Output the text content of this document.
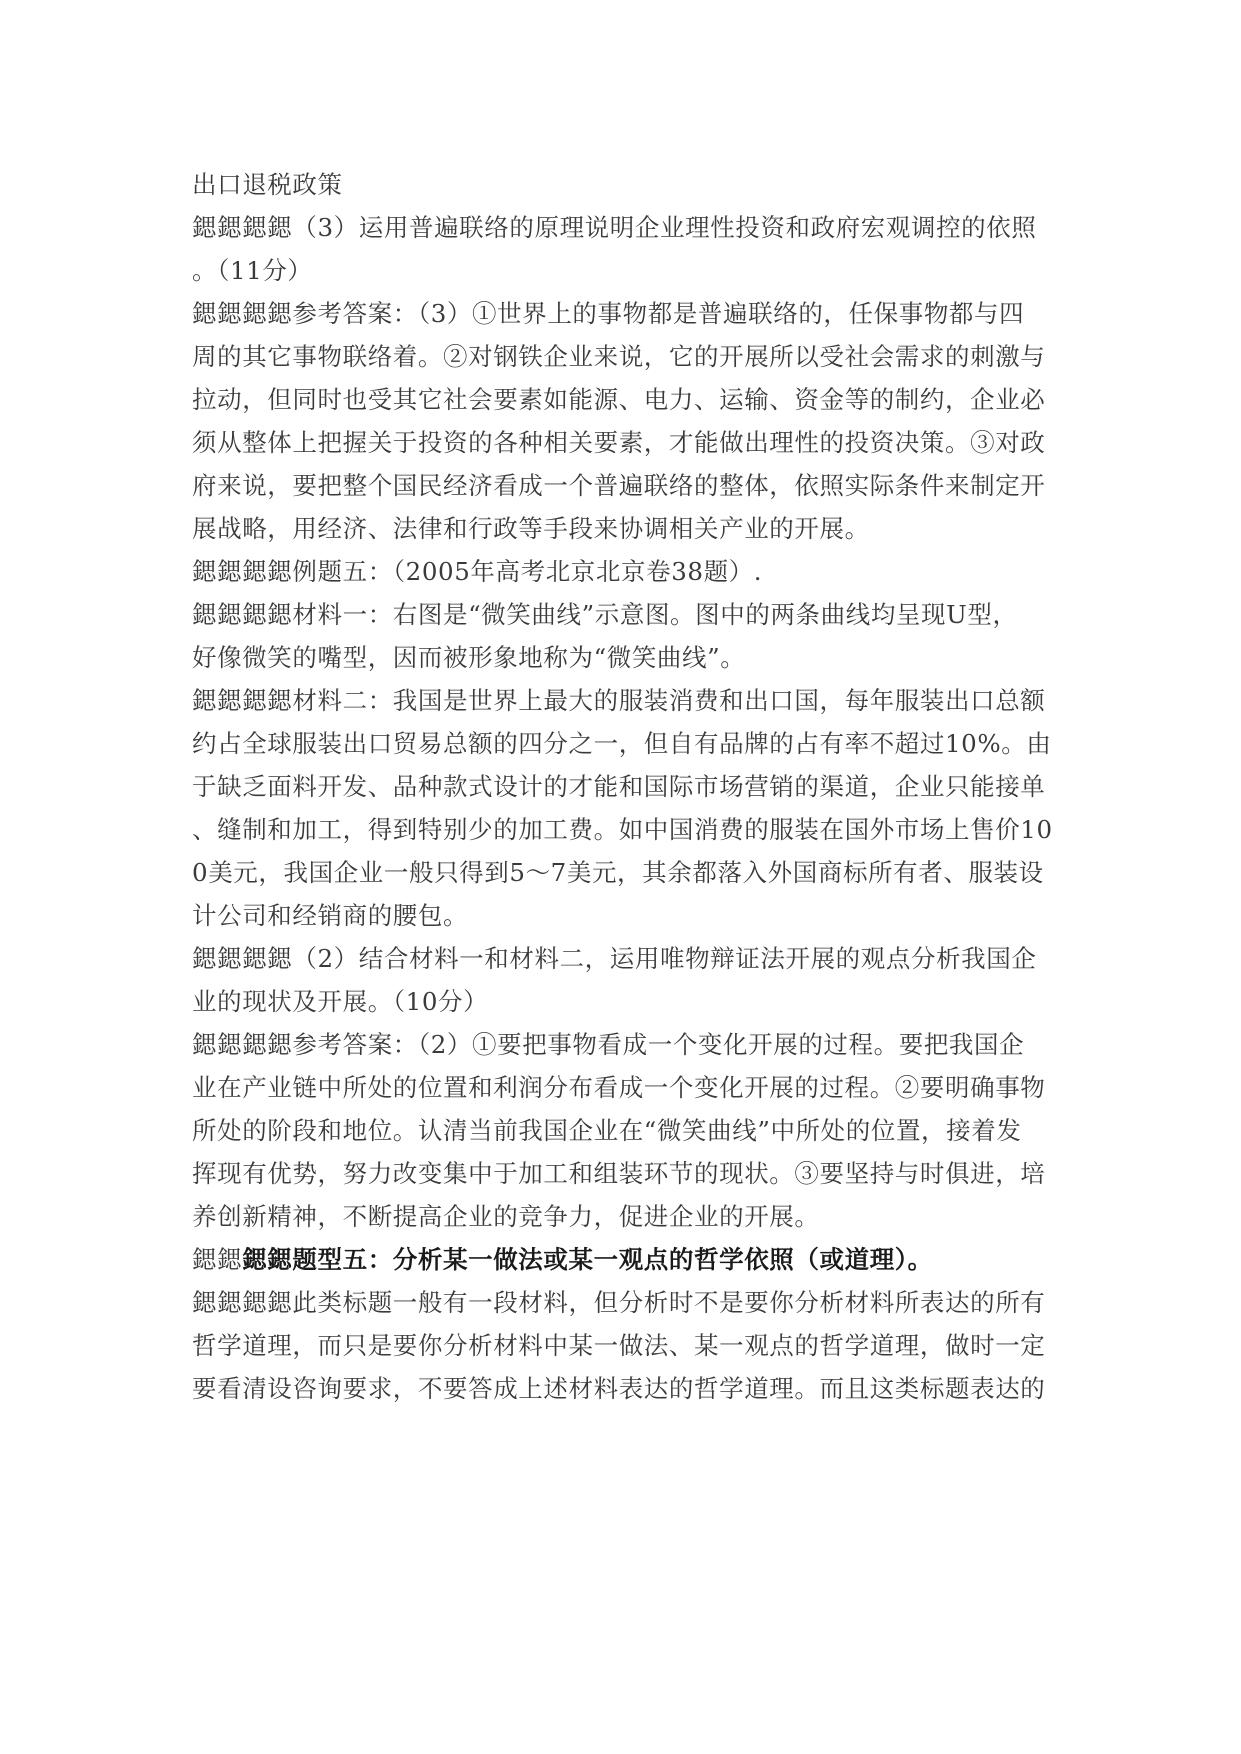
出口退税政策

鍶鍶鍶鍶（3）运用普遍联络的原理说明企业理性投资和政府宏观调控的依照
。（11分）

鍶鍶鍶鍶参考答案：（3）①世界上的事物都是普遍联络的，任保事物都与四
周的其它事物联络着。②对钢铁企业来说，它的开展所以受社会需求的刺激与
拉动，但同时也受其它社会要素如能源、电力、运输、资金等的制约，企业必
须从整体上把握关于投资的各种相关要素，才能做出理性的投资决策。③对政
府来说，要把整个国民经济看成一个普遍联络的整体，依照实际条件来制定开
展战略，用经济、法律和行政等手段来协调相关产业的开展。

鍶鍶鍶鍶例题五：（2005年高考北京北京卷38题）.

鍶鍶鍶鍶材料一：右图是“微笑曲线”示意图。图中的两条曲线均呈现U型，
好像微笑的嘴型，因而被形象地称为“微笑曲线”。

鍶鍶鍶鍶材料二：我国是世界上最大的服装消费和出口国，每年服装出口总额
约占全球服装出口贸易总额的四分之一，但自有品牌的占有率不超过10%。由
于缺乏面料开发、品种款式设计的才能和国际市场营销的渠道，企业只能接单
、缝制和加工，得到特别少的加工费。如中国消费的服装在国外市场上售价10
0美元，我国企业一般只得到5～7美元，其余都落入外国商标所有者、服装设
计公司和经销商的腰包。

鍶鍶鍶鍶（2）结合材料一和材料二，运用唯物辩证法开展的观点分析我国企
业的现状及开展。（10分）

鍶鍶鍶鍶参考答案：（2）①要把事物看成一个变化开展的过程。要把我国企
业在产业链中所处的位置和利润分布看成一个变化开展的过程。②要明确事物
所处的阶段和地位。认清当前我国企业在“微笑曲线”中所处的位置，接着发
挥现有优势，努力改变集中于加工和组装环节的现状。③要坚持与时俱进，培
养创新精神，不断提高企业的竞争力，促进企业的开展。

鍶鍶鍶鍶题型五：分析某一做法或某一观点的哲学依照（或道理）。

鍶鍶鍶鍶此类标题一般有一段材料，但分析时不是要你分析材料所表达的所有
哲学道理，而只是要你分析材料中某一做法、某一观点的哲学道理，做时一定
要看清设咨询要求，不要答成上述材料表达的哲学道理。而且这类标题表达的
